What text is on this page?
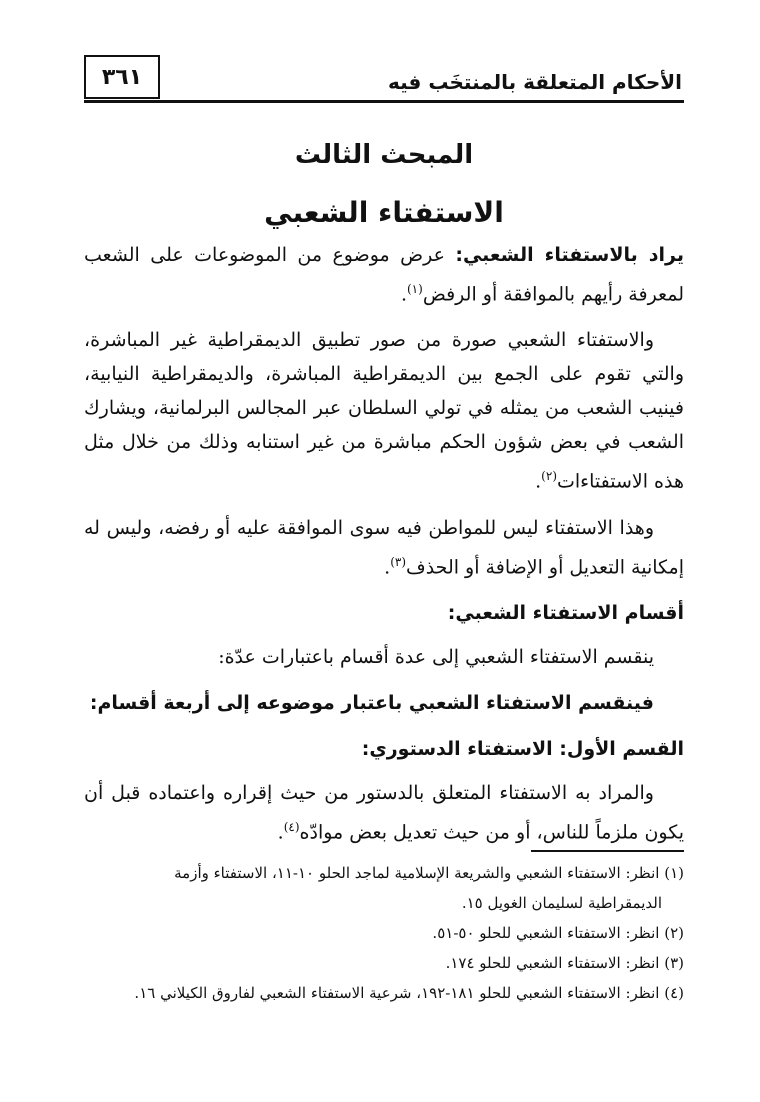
الأحكام المتعلقة بالمنتخَب فيه
٣٦١
المبحث الثالث
الاستفتاء الشعبي

يراد بالاستفتاء الشعبي: عرض موضوع من الموضوعات على الشعب لمعرفة رأيهم بالموافقة أو الرفض$^{(١)}$.

والاستفتاء الشعبي صورة من صور تطبيق الديمقراطية غير المباشرة، والتي تقوم على الجمع بين الديمقراطية المباشرة، والديمقراطية النيابية، فينيب الشعب من يمثله في تولي السلطان عبر المجالس البرلمانية، ويشارك الشعب في بعض شؤون الحكم مباشرة من غير استنابه وذلك من خلال مثل هذه الاستفتاءات$^{(٢)}$.

وهذا الاستفتاء ليس للمواطن فيه سوى الموافقة عليه أو رفضه، وليس له إمكانية التعديل أو الإضافة أو الحذف$^{(٣)}$.

أقسام الاستفتاء الشعبي:

ينقسم الاستفتاء الشعبي إلى عدة أقسام باعتبارات عدّة:

فينقسم الاستفتاء الشعبي باعتبار موضوعه إلى أربعة أقسام:

القسم الأول: الاستفتاء الدستوري:

والمراد به الاستفتاء المتعلق بالدستور من حيث إقراره واعتماده قبل أن يكون ملزماً للناس، أو من حيث تعديل بعض موادّه$^{(٤)}$.

(١) انظر: الاستفتاء الشعبي والشريعة الإسلامية لماجد الحلو ١٠-١١، الاستفتاء وأزمة
الديمقراطية لسليمان الغويل ١٥.
(٢) انظر: الاستفتاء الشعبي للحلو ٥٠-٥١.
(٣) انظر: الاستفتاء الشعبي للحلو ١٧٤.
(٤) انظر: الاستفتاء الشعبي للحلو ١٨١-١٩٢، شرعية الاستفتاء الشعبي لفاروق الكيلاني ١٦.
